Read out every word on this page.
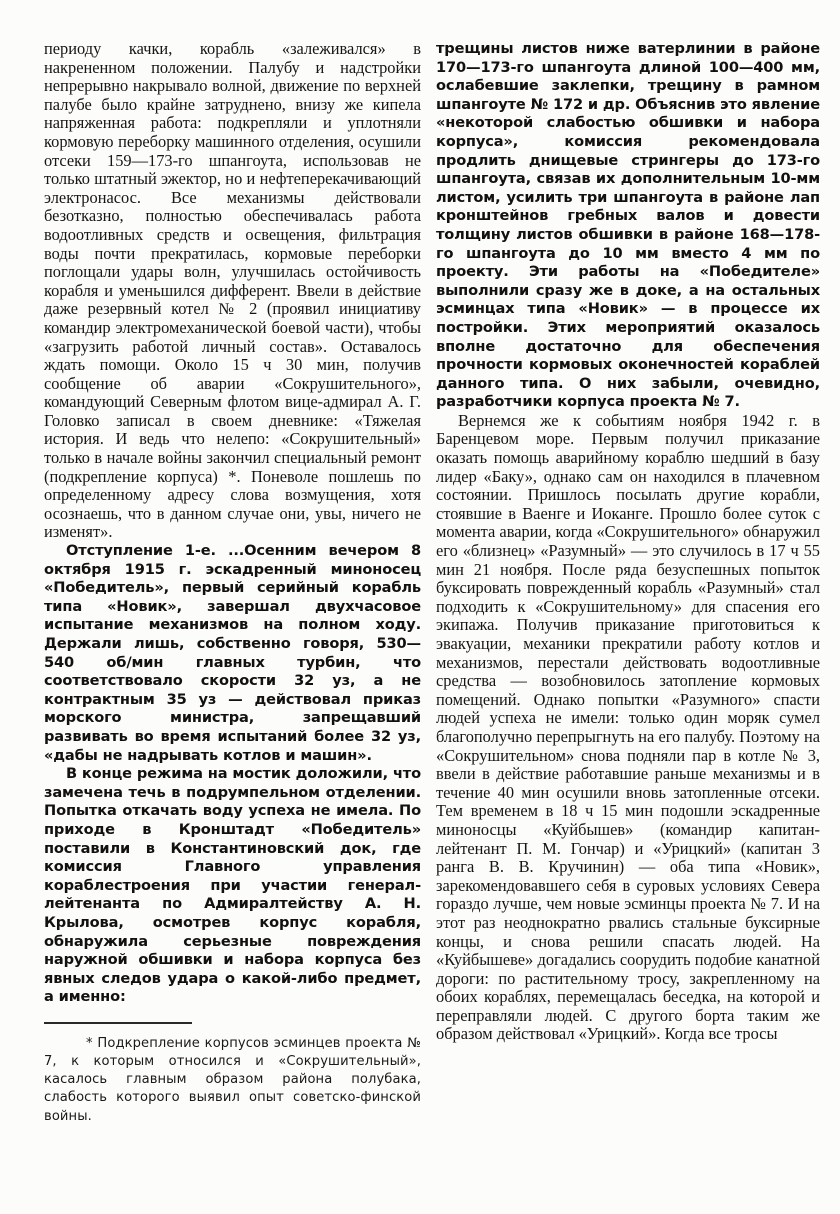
периоду качки, корабль «залеживался» в накрененном положении. Палубу и надстройки непрерывно накрывало волной, движение по верхней палубе было крайне затруднено, внизу же кипела напряженная работа: подкрепляли и уплотняли кормовую переборку машинного отделения, осушили отсеки 159—173-го шпангоута, использовав не только штатный эжектор, но и нефтеперекачивающий электронасос. Все механизмы действовали безотказно, полностью обеспечивалась работа водоотливных средств и освещения, фильтрация воды почти прекратилась, кормовые переборки поглощали удары волн, улучшилась остойчивость корабля и уменьшился дифферент. Ввели в действие даже резервный котел № 2 (проявил инициативу командир электромеханической боевой части), чтобы «загрузить работой личный состав». Оставалось ждать помощи. Около 15 ч 30 мин, получив сообщение об аварии «Сокрушительного», командующий Северным флотом вице-адмирал А. Г. Головко записал в своем дневнике: «Тяжелая история. И ведь что нелепо: «Сокрушительный» только в начале войны закончил специальный ремонт (подкрепление корпуса) *. Поневоле пошлешь по определенному адресу слова возмущения, хотя осознаешь, что в данном случае они, увы, ничего не изменят».

Отступление 1-е. ...Осенним вечером 8 октября 1915 г. эскадренный миноносец «Победитель», первый серийный корабль типа «Новик», завершал двухчасовое испытание механизмов на полном ходу. Держали лишь, собственно говоря, 530—540 об/мин главных турбин, что соответствовало скорости 32 уз, а не контрактным 35 уз — действовал приказ морского министра, запрещавший развивать во время испытаний более 32 уз, «дабы не надрывать котлов и машин».

В конце режима на мостик доложили, что замечена течь в подрумпельном отделении. Попытка откачать воду успеха не имела. По приходе в Кронштадт «Победитель» поставили в Константиновский док, где комиссия Главного управления кораблестроения при участии генерал-лейтенанта по Адмиралтейству А. Н. Крылова, осмотрев корпус корабля, обнаружила серьезные повреждения наружной обшивки и набора корпуса без явных следов удара о какой-либо предмет, а именно:

* Подкрепление корпусов эсминцев проекта № 7, к которым относился и «Сокрушительный», касалось главным образом района полубака, слабость которого выявил опыт советско-финской войны.

трещины листов ниже ватерлинии в районе 170—173-го шпангоута длиной 100—400 мм, ослабевшие заклепки, трещину в рамном шпангоуте № 172 и др. Объяснив это явление «некоторой слабостью обшивки и набора корпуса», комиссия рекомендовала продлить днищевые стрингеры до 173-го шпангоута, связав их дополнительным 10-мм листом, усилить три шпангоута в районе лап кронштейнов гребных валов и довести толщину листов обшивки в районе 168—178-го шпангоута до 10 мм вместо 4 мм по проекту. Эти работы на «Победителе» выполнили сразу же в доке, а на остальных эсминцах типа «Новик» — в процессе их постройки. Этих мероприятий оказалось вполне достаточно для обеспечения прочности кормовых оконечностей кораблей данного типа. О них забыли, очевидно, разработчики корпуса проекта № 7.

Вернемся же к событиям ноября 1942 г. в Баренцевом море. Первым получил приказание оказать помощь аварийному кораблю шедший в базу лидер «Баку», однако сам он находился в плачевном состоянии. Пришлось посылать другие корабли, стоявшие в Ваенге и Иоканге. Прошло более суток с момента аварии, когда «Сокрушительного» обнаружил его «близнец» «Разумный» — это случилось в 17 ч 55 мин 21 ноября. После ряда безуспешных попыток буксировать поврежденный корабль «Разумный» стал подходить к «Сокрушительному» для спасения его экипажа. Получив приказание приготовиться к эвакуации, механики прекратили работу котлов и механизмов, перестали действовать водоотливные средства — возобновилось затопление кормовых помещений. Однако попытки «Разумного» спасти людей успеха не имели: только один моряк сумел благополучно перепрыгнуть на его палубу. Поэтому на «Сокрушительном» снова подняли пар в котле № 3, ввели в действие работавшие раньше механизмы и в течение 40 мин осушили вновь затопленные отсеки. Тем временем в 18 ч 15 мин подошли эскадренные миноносцы «Куйбышев» (командир капитан-лейтенант П. М. Гончар) и «Урицкий» (капитан 3 ранга В. В. Кручинин) — оба типа «Новик», зарекомендовавшего себя в суровых условиях Севера гораздо лучше, чем новые эсминцы проекта № 7. И на этот раз неоднократно рвались стальные буксирные концы, и снова решили спасать людей. На «Куйбышеве» догадались соорудить подобие канатной дороги: по растительному тросу, закрепленному на обоих кораблях, перемещалась беседка, на которой и переправляли людей. С другого борта таким же образом действовал «Урицкий». Когда все тросы
